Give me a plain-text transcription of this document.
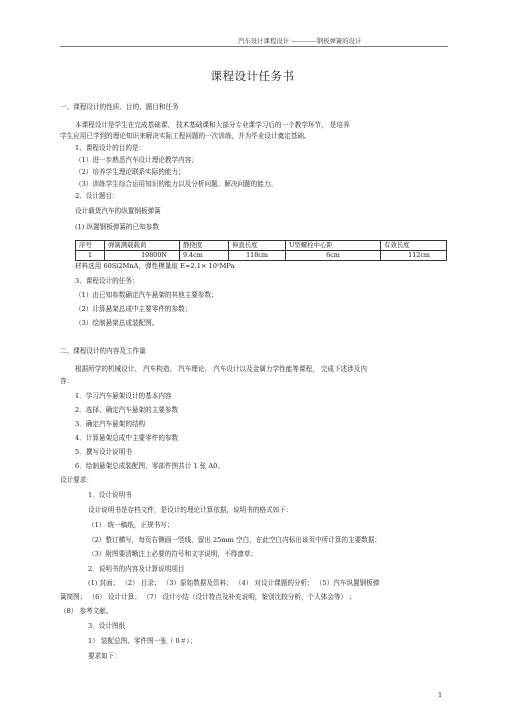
汽车设计课程设计 ————钢板弹簧的设计
课程设计任务书
一、课程设计的性质、目的、题目和任务
本课程设计是学生在完成基础课、 技术基础课和大部分专业课学习后的一个教学环节， 是培养
学生应用已学到的理论知识来解决实际工程问题的一次训练，并为毕业设计奠定基础。
1、课程设计的目的是：
（1）进一步熟悉汽车设计理论教学内容；
（2）培养学生理论联系实际的能力；
（3）训练学生综合运用知识的能力以及分析问题、解决问题的能力。
2、设计题目：
设计载货汽车的纵置钢板弹簧
(1) 纵置钢板弹簧的已知参数
序号	弹簧满载载荷	静挠度	伸直长度	U型螺栓中心距	有效长度
1	19800N	9.4cm	118cm	6cm	112cm
材料选用 60Si2MnA，弹性模量取 E=2.1× 10⁵MPa
3、课程设计的任务：
（1）由已知参数确定汽车悬架的其他主要参数；
（2）计算悬架总成中主要零件的参数；
（3）绘制悬架总成装配图。
二、课程设计的内容及工作量
根据所学的机械设计、 汽车构造、 汽车理论、 汽车设计以及金属力学性能等课程， 完成下述涉及内
容：
1．学习汽车悬架设计的基本内容
2．选择、确定汽车悬架的主要参数
3．确定汽车悬架的结构
4．计算悬架总成中主要零件的参数
5．撰写设计说明书
6．绘制悬架总成装配图、零部件图共计 1 张 A0。
设计要求：
1．设计说明书
设计说明书是存档文件，是设计的理论计算依据，说明书的格式如下：
（1） 统一稿纸，正规书写；
（2）整订横写，每页右侧画一竖线，留出 25mm 空白，在此空白内标出该页中所计算的主要数据；
（3）附图要清晰注上必要的符号和文字说明，不得潦草；
2．说明书的内容及计算说明项目
(1) 封面； （2） 目录； （3）原始数据及资料； （4） 对设计课题的分析； （5）汽车纵置钢板弹
簧简图； （6） 设计计算； （7） 设计小结（设计特点及补充说明，鉴别比较分析，个人体会等） ；
（8） 参考文献。
3．设计图纸
1） 装配总图、零件图一张（ 0＃）；
要求如下：
1
